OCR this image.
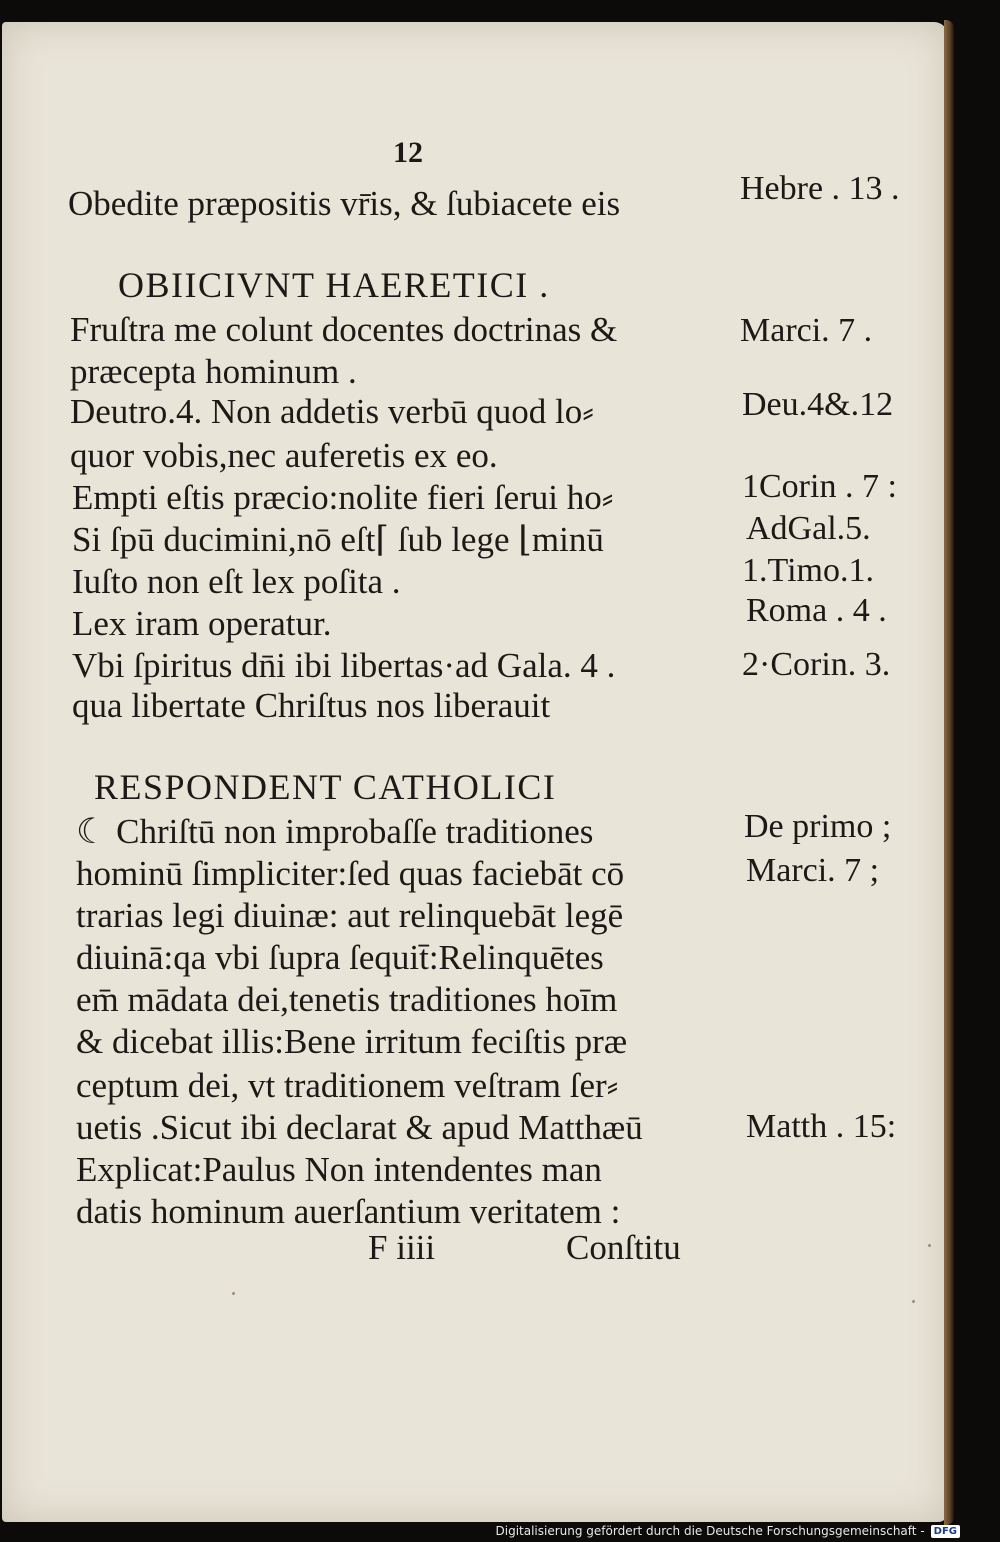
12
Obedite præpositis vr̄is, & ſubiacete eis	Hebre . 13 .
OBIICIVNT HAERETICI .
Fruſtra me colunt docentes doctrinas &
præcepta hominum .
Deutro.4. Non addetis verbū quod lo⸗
quor vobis,nec auferetis ex eo.
Empti eſtis præcio:nolite fieri ſerui ho⸗
Si ſpū ducimini,nō eſt⌈ ſub lege ⌊minū
Iuſto non eſt lex poſita .
Lex iram operatur.
Vbi ſpiritus dn̄i ibi libertas·ad Gala. 4 .
qua libertate Chriſtus nos liberauit
Marci. 7 .
Deu.4&.12
1Corin . 7 :
AdGal.5.
1.Timo.1.
Roma . 4 .
2·Corin. 3.
RESPONDENT CATHOLICI
☾ Chriſtū non improbaſſe traditiones
hominū ſimpliciter:ſed quas faciebāt cō
trarias legi diuinæ: aut relinquebāt legē
diuinā:qa vbi ſupra ſequit̄:Relinquētes
em̄ mādata dei,tenetis traditiones hoīm
& dicebat illis:Bene irritum feciſtis præ
ceptum dei, vt traditionem veſtram ſer⸗
uetis .Sicut ibi declarat & apud Matthæū
Explicat:Paulus Non intendentes man
datis hominum auerſantium veritatem :
De primo ;
Marci. 7 ;
Matth . 15:
F iiii	Conſtitu
Digitalisierung gefördert durch die Deutsche Forschungsgemeinschaft - DFG
